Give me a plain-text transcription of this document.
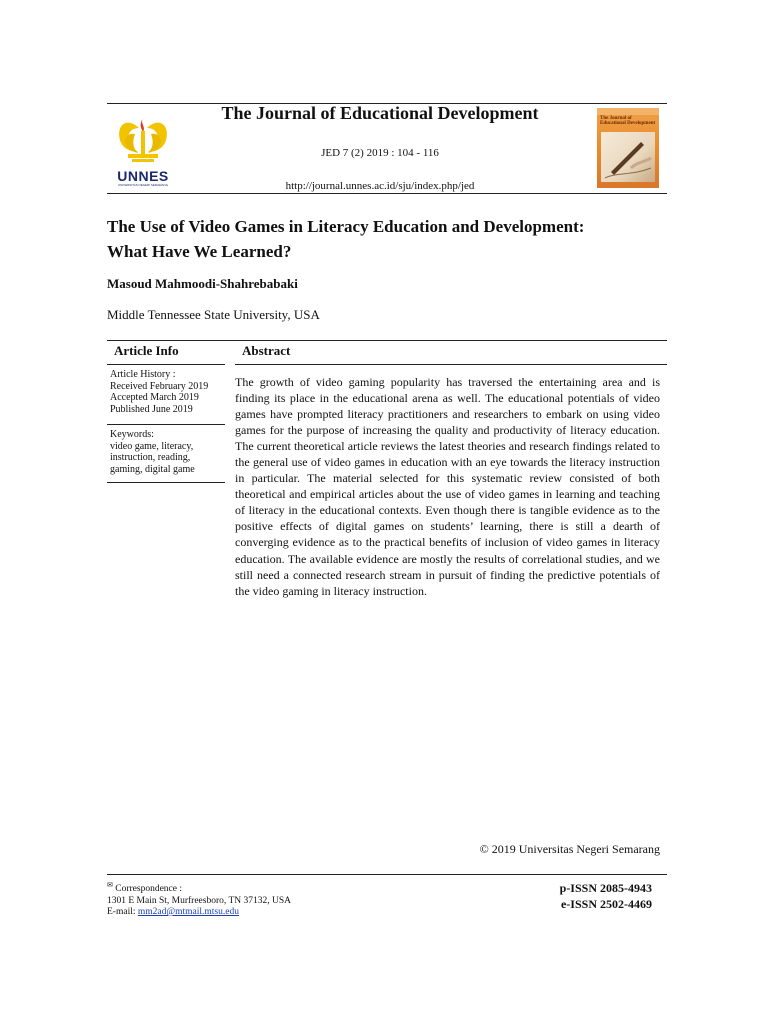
UNNES
UNIVERSITAS NEGERI SEMARANG
The Journal of Educational Development
JED 7 (2) 2019 : 104 - 116
http://journal.unnes.ac.id/sju/index.php/jed
The Journal of
Educational Development
The Use of Video Games in Literacy Education and Development:
What Have We Learned?
Masoud Mahmoodi-Shahrebabaki
Middle Tennessee State University, USA
Article Info	Abstract
Article History :
Received February 2019
Accepted March 2019
Published June 2019
Keywords:
video game, literacy,
instruction, reading,
gaming, digital game
The growth of video gaming popularity has traversed the entertaining area and is finding its place in the educational arena as well. The educational potentials of video games have prompted literacy practitioners and researchers to embark on using video games for the purpose of increasing the quality and productivity of literacy education. The current theoretical article reviews the latest theories and research findings related to the general use of video games in education with an eye towards the literacy instruction in particular. The material selected for this systematic review consisted of both theoretical and empirical articles about the use of video games in learning and teaching of literacy in the educational contexts. Even though there is tangible evidence as to the positive effects of digital games on students’ learning, there is still a dearth of converging evidence as to the practical benefits of inclusion of video games in literacy education. The available evidence are mostly the results of correlational studies, and we still need a connected research stream in pursuit of finding the predictive potentials of the video gaming in literacy instruction.
© 2019 Universitas Negeri Semarang
✉ Correspondence :
1301 E Main St, Murfreesboro, TN 37132, USA
E-mail: mm2ad@mtmail.mtsu.edu
p-ISSN 2085-4943
e-ISSN 2502-4469
